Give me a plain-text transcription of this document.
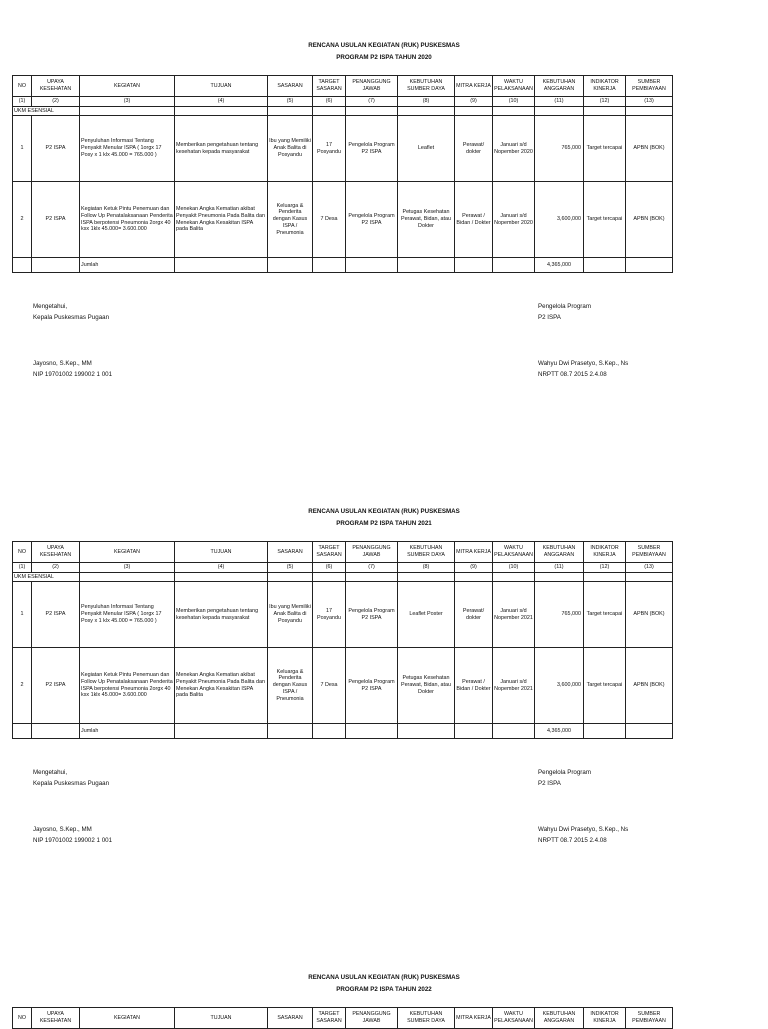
RENCANA USULAN KEGIATAN (RUK) PUSKESMAS
PROGRAM P2 ISPA TAHUN 2020
NO	UPAYA KESEHATAN	KEGIATAN	TUJUAN	SASARAN	TARGET SASARAN	PENANGGUNG JAWAB	KEBUTUHAN SUMBER DAYA	MITRA KERJA	WAKTU PELAKSANAAN	KEBUTUHAN ANGGARAN	INDIKATOR KINERJA	SUMBER PEMBIAYAAN
(1)	(2)	(3)	(4)	(5)	(6)	(7)	(8)	(9)	(10)	(11)	(12)	(13)
UKM ESENSIAL												
1	P2 ISPA	Penyuluhan Informasi Tentang Penyakit Menular ISPA ( 1orgx 17 Posy x 1 klx 45.000 = 765.000 )	Memberikan pengetahuan tentang kesehatan kepada masyarakat	Ibu yang Memiliki Anak Balita di Posyandu	17 Posyandu	Pengelola Program P2 ISPA	Leaflet	Perawat/ dokter	Januari s/d Nopember 2020	765,000	Target tercapai	APBN (BOK)
2	P2 ISPA	Kegiatan Ketuk Pintu Penemuan dan Follow Up Penatalaksanaan Penderita ISPA berpotensi Pneumonia 2orgx 40 ksx 1klx 45.000= 3.600.000	Menekan Angka Kematian akibat Penyakit Pneumonia Pada Balita dan Menekan Angka Kesakitan ISPA pada Balita	Keluarga & Penderita dengan Kasus ISPA / Pneumonia	7 Desa	Pengelola Program P2 ISPA	Petugas Kesehatan Perawat, Bidan, atau Dokter	Perawat / Bidan / Dokter	Januari s/d Nopember 2020	3,600,000	Target tercapai	APBN (BOK)
		Jumlah								4,365,000		
Mengetahui,
Kepala Puskesmas Pugaan
Jayosno, S.Kep., MM
NIP 19701002 199002 1 001
Pengelola Program
P2 ISPA
Wahyu Dwi Prasetyo, S.Kep., Ns
NRPTT 08.7 2015 2.4.08
RENCANA USULAN KEGIATAN (RUK) PUSKESMAS
PROGRAM P2 ISPA TAHUN 2021
NO	UPAYA KESEHATAN	KEGIATAN	TUJUAN	SASARAN	TARGET SASARAN	PENANGGUNG JAWAB	KEBUTUHAN SUMBER DAYA	MITRA KERJA	WAKTU PELAKSANAAN	KEBUTUHAN ANGGARAN	INDIKATOR KINERJA	SUMBER PEMBIAYAAN
(1)	(2)	(3)	(4)	(5)	(6)	(7)	(8)	(9)	(10)	(11)	(12)	(13)
UKM ESENSIAL												
1	P2 ISPA	Penyuluhan Informasi Tentang Penyakit Menular ISPA ( 1orgx 17 Posy x 1 klx 45.000 = 765.000 )	Memberikan pengetahuan tentang kesehatan kepada masyarakat	Ibu yang Memiliki Anak Balita di Posyandu	17 Posyandu	Pengelola Program P2 ISPA	Leaflet Poster	Perawat/ dokter	Januari s/d Nopember 2021	765,000	Target tercapai	APBN (BOK)
2	P2 ISPA	Kegiatan Ketuk Pintu Penemuan dan Follow Up Penatalaksanaan Penderita ISPA berpotensi Pneumonia 2orgx 40 ksx 1klx 45.000= 3.600.000	Menekan Angka Kematian akibat Penyakit Pneumonia Pada Balita dan Menekan Angka Kesakitan ISPA pada Balita	Keluarga & Penderita dengan Kasus ISPA / Pneumonia	7 Desa	Pengelola Program P2 ISPA	Petugas Kesehatan Perawat, Bidan, atau Dokter	Perawat / Bidan / Dokter	Januari s/d Nopember 2021	3,600,000	Target tercapai	APBN (BOK)
		Jumlah								4,365,000		
Mengetahui,
Kepala Puskesmas Pugaan
Jayosno, S.Kep., MM
NIP 19701002 199002 1 001
Pengelola Program
P2 ISPA
Wahyu Dwi Prasetyo, S.Kep., Ns
NRPTT 08.7 2015 2.4.08
RENCANA USULAN KEGIATAN (RUK) PUSKESMAS
PROGRAM P2 ISPA TAHUN 2022
NO	UPAYA KESEHATAN	KEGIATAN	TUJUAN	SASARAN	TARGET SASARAN	PENANGGUNG JAWAB	KEBUTUHAN SUMBER DAYA	MITRA KERJA	WAKTU PELAKSANAAN	KEBUTUHAN ANGGARAN	INDIKATOR KINERJA	SUMBER PEMBIAYAAN
